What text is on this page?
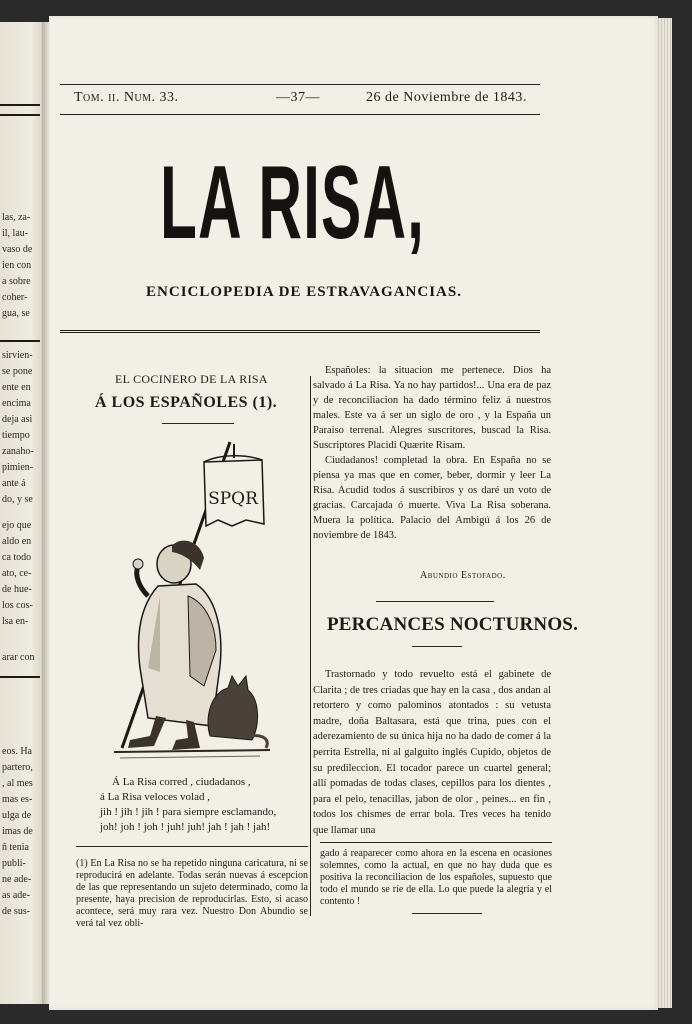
las, za-
il, lau-
vaso de
ien con
a sobre
coher-
gua, se
sirvien-
se pone
ente en
encima
deja asi
tiempo
zanaho-
pimien-
ante á
do, y se
ejo que
aldo en
ca todo
ato, ce-
de hue-
los cos-
lsa en-
arar con
eos. Ha
partero,
, al mes
mas es-
ulga de
imas de
ñ tenia
publi-
ne ade-
as ade-
de sus-
Tom. ii. Num. 33.	—37—	26 de Noviembre de 1843.
LA RISA,
ENCICLOPEDIA DE ESTRAVAGANCIAS.
EL COCINERO DE LA RISA
Á LOS ESPAÑOLES (1).
SPQR
Á La Risa corred , ciudadanos ,
á La Risa veloces volad ,
jih ! jih ! jih ! para siempre esclamando,
joh! joh ! joh ! juh! juh! jah ! jah ! jah!

(1) En La Risa no se ha repetido ninguna caricatura, ni se reproducirá en adelante. Todas serán nuevas á escepcion de las que representando un sujeto determinado, como la presente, haya precision de reproducirlas. Esto, si acaso acontece, será muy rara vez. Nuestro Don Abundio se verá tal vez obli-

Españoles: la situacion me pertenece. Dios ha salvado á La Risa. Ya no hay partidos!... Una era de paz y de reconciliacion ha dado término feliz á nuestros males. Este va á ser un siglo de oro , y la España un Paraiso terrenal. Alegres suscritores, buscad la Risa. Suscriptores Placidi Quærite Risam.

Ciudadanos! completad la obra. En España no se piensa ya mas que en comer, beber, dormir y leer La Risa. Acudid todos á suscribiros y os daré un voto de gracias. Carcajada ó muerte. Viva La Risa soberana. Muera la política. Palacio del Ambigú á los 26 de noviembre de 1843.

Abundio Estofado.
PERCANCES NOCTURNOS.

Trastornado y todo revuelto está el gabinete de Clarita ; de tres criadas que hay en la casa , dos andan al retortero y como palominos atontados : su vetusta madre, doña Baltasara, está que trina, pues con el aderezamiento de su única hija no ha dado de comer á la perrita Estrella, ni al galguito inglés Cupido, objetos de su predileccion. El tocador parece un cuartel general; allí pomadas de todas clases, cepillos para los dientes , para el pelo, tenacillas, jabon de olor , peines... en fin , todos los chismes de errar bola. Tres veces ha tenido que llamar una

gado á reaparecer como ahora en la escena en ocasiones solemnes, como la actual, en que no hay duda que es positiva la reconciliacion de los españoles, supuesto que todo el mundo se ríe de ella. Lo que puede la alegría y el contento !
